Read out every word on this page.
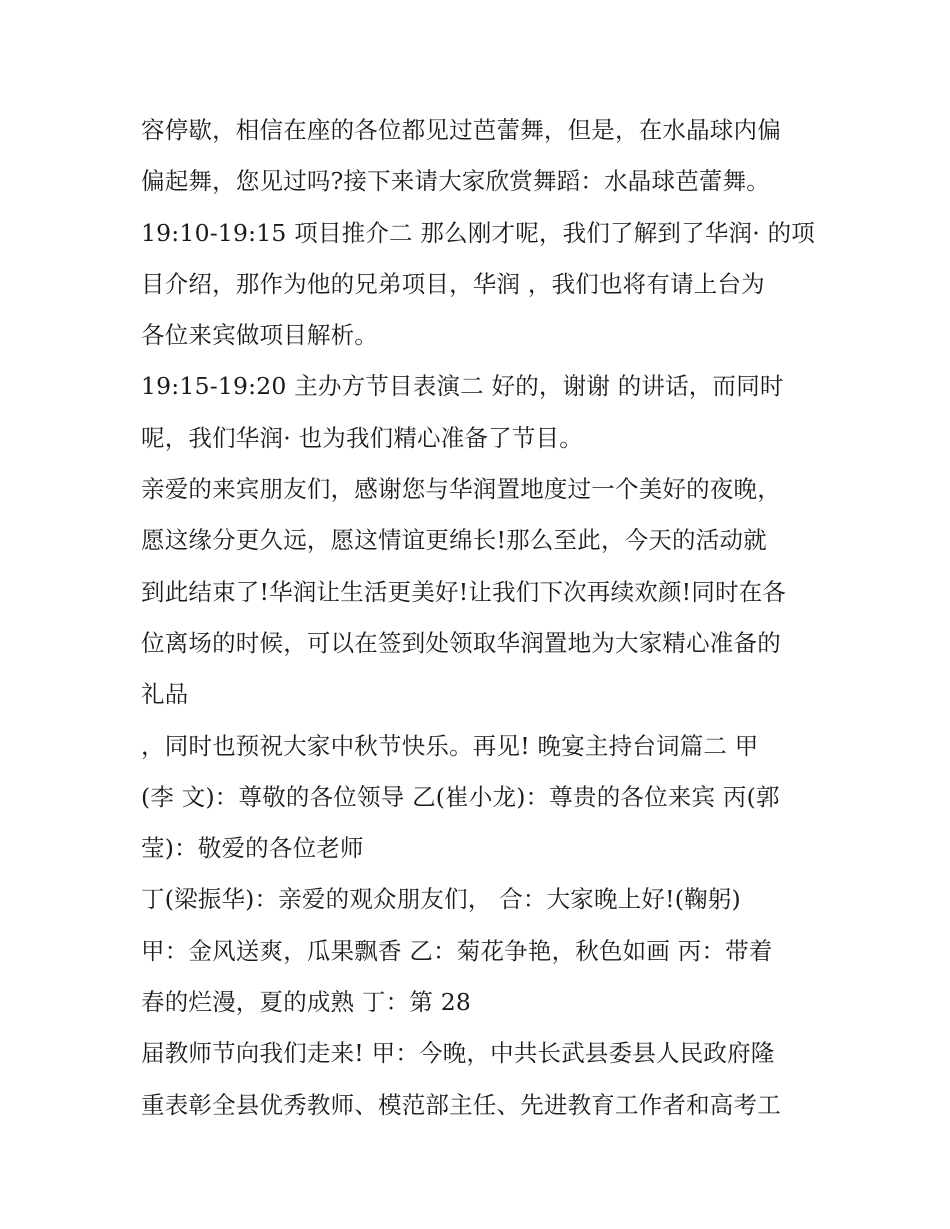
容停歇，相信在座的各位都见过芭蕾舞，但是，在水晶球内偏
偏起舞，您见过吗?接下来请大家欣赏舞蹈：水晶球芭蕾舞。
19:10-19:15 项目推介二 那么刚才呢，我们了解到了华润· 的项
目介绍，那作为他的兄弟项目，华润 ，我们也将有请上台为
各位来宾做项目解析。
19:15-19:20 主办方节目表演二 好的，谢谢 的讲话，而同时
呢，我们华润· 也为我们精心准备了节目。
亲爱的来宾朋友们，感谢您与华润置地度过一个美好的夜晚，
愿这缘分更久远，愿这情谊更绵长!那么至此，今天的活动就
到此结束了!华润让生活更美好!让我们下次再续欢颜!同时在各
位离场的时候，可以在签到处领取华润置地为大家精心准备的
礼品
，同时也预祝大家中秋节快乐。再见! 晚宴主持台词篇二 甲
(李 文)：尊敬的各位领导 乙(崔小龙)：尊贵的各位来宾 丙(郭
莹)：敬爱的各位老师
丁(梁振华)：亲爱的观众朋友们， 合：大家晚上好!(鞠躬)
甲：金风送爽，瓜果飘香 乙：菊花争艳，秋色如画 丙：带着
春的烂漫，夏的成熟 丁：第 28
届教师节向我们走来! 甲：今晚，中共长武县委县人民政府隆
重表彰全县优秀教师、模范部主任、先进教育工作者和高考工
